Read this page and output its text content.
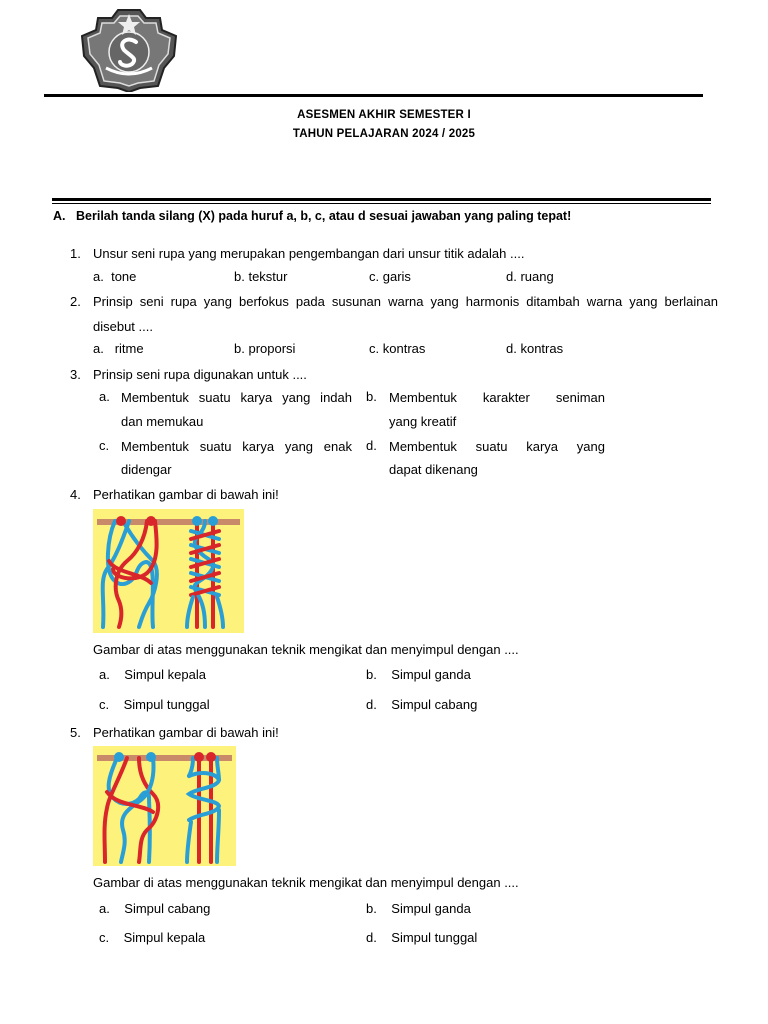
ASESMEN AKHIR SEMESTER I
TAHUN PELAJARAN 2024 / 2025
A. Berilah tanda silang (X) pada huruf a, b, c, atau d sesuai jawaban yang paling tepat!
1. Unsur seni rupa yang merupakan pengembangan dari unsur titik adalah ....
a. tone	b. tekstur	c. garis	d. ruang
2. Prinsip seni rupa yang berfokus pada susunan warna yang harmonis ditambah warna yang berlainan
disebut ....
a. ritme	b. proporsi	c. kontras	d. kontras
3. Prinsip seni rupa digunakan untuk ....
a. Membentuk suatu karya yang indah
dan memukau
b. Membentuk karakter seniman
yang kreatif
c. Membentuk suatu karya yang enak
didengar
d. Membentuk suatu karya yang
dapat dikenang
4. Perhatikan gambar di bawah ini!
Gambar di atas menggunakan teknik mengikat dan menyimpul dengan ....
a. Simpul kepala	b. Simpul ganda
c. Simpul tunggal	d. Simpul cabang
5. Perhatikan gambar di bawah ini!
Gambar di atas menggunakan teknik mengikat dan menyimpul dengan ....
a. Simpul cabang	b. Simpul ganda
c. Simpul kepala	d. Simpul tunggal
